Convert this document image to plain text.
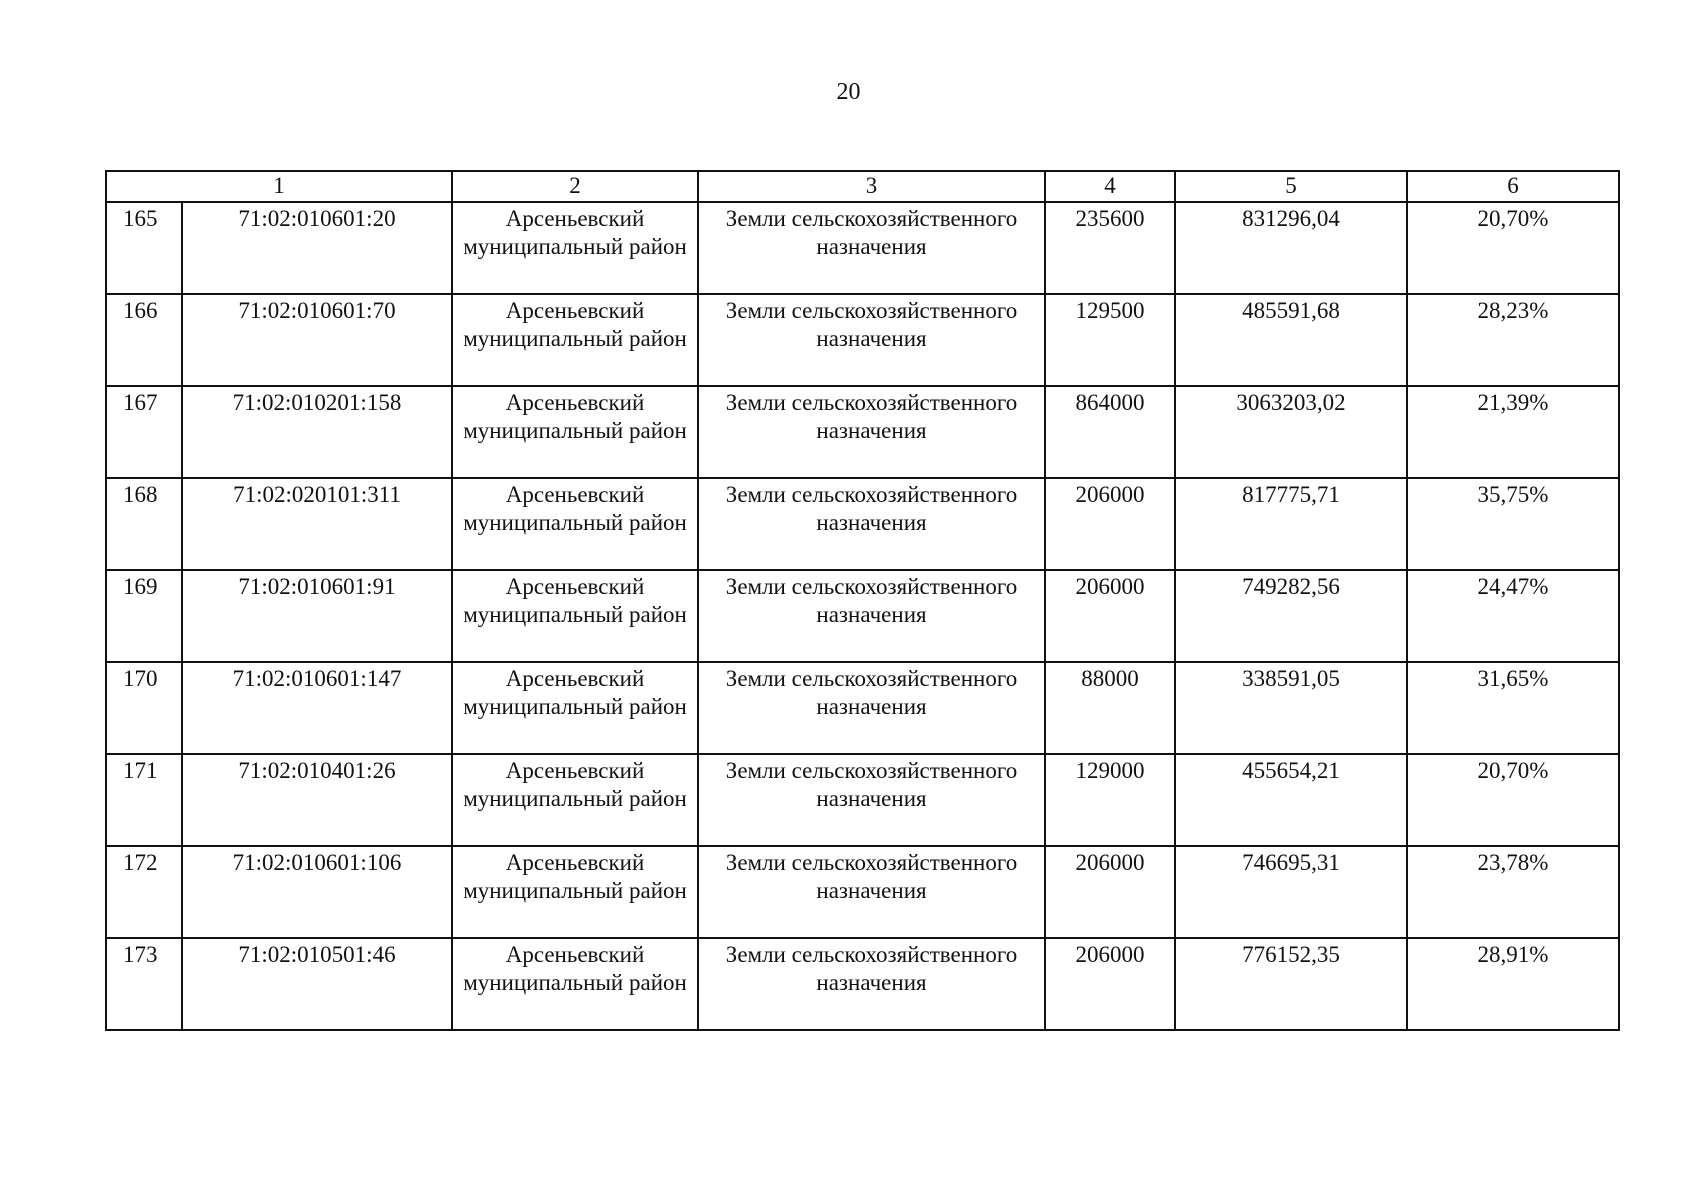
20
1		2	3	4	5	6
165	71:02:010601:20	Арсеньевский муниципальный район	Земли сельскохозяйственного назначения	235600	831296,04	20,70%
166	71:02:010601:70	Арсеньевский муниципальный район	Земли сельскохозяйственного назначения	129500	485591,68	28,23%
167	71:02:010201:158	Арсеньевский муниципальный район	Земли сельскохозяйственного назначения	864000	3063203,02	21,39%
168	71:02:020101:311	Арсеньевский муниципальный район	Земли сельскохозяйственного назначения	206000	817775,71	35,75%
169	71:02:010601:91	Арсеньевский муниципальный район	Земли сельскохозяйственного назначения	206000	749282,56	24,47%
170	71:02:010601:147	Арсеньевский муниципальный район	Земли сельскохозяйственного назначения	88000	338591,05	31,65%
171	71:02:010401:26	Арсеньевский муниципальный район	Земли сельскохозяйственного назначения	129000	455654,21	20,70%
172	71:02:010601:106	Арсеньевский муниципальный район	Земли сельскохозяйственного назначения	206000	746695,31	23,78%
173	71:02:010501:46	Арсеньевский муниципальный район	Земли сельскохозяйственного назначения	206000	776152,35	28,91%
